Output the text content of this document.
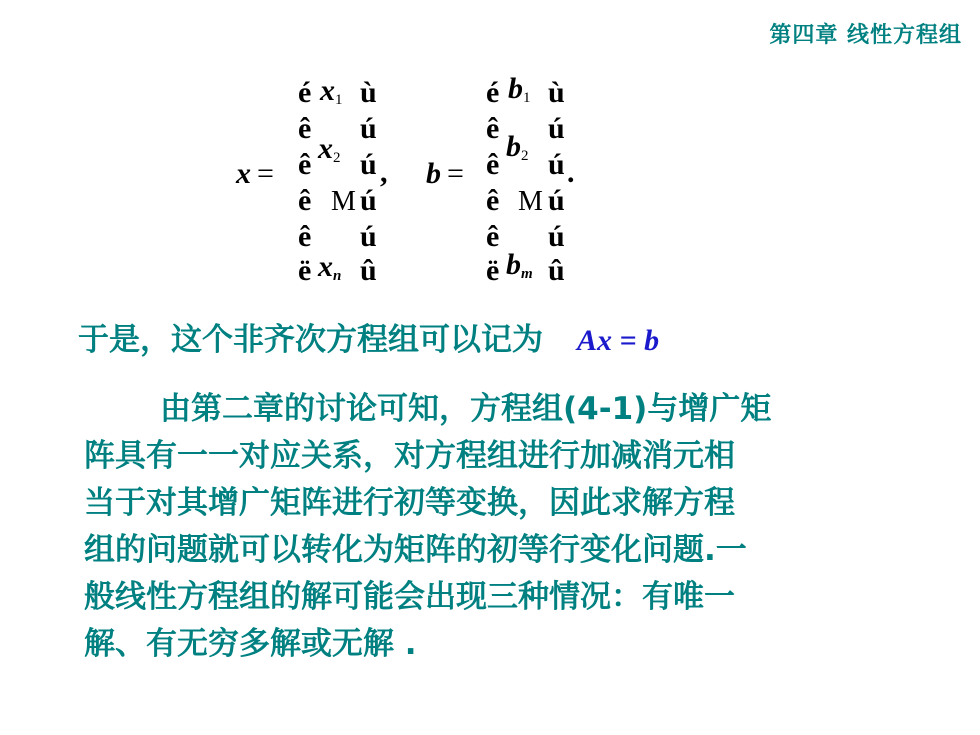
第四章 线性方程组
x =
é
ê
ê
ê
ê
ë
ù
ú
ú
ú
ú
û
$x_1$
$x_2$
M
$x_n$
, b =
é
ê
ê
ê
ê
ë
ù
ú
ú
ú
ú
û
$b_1$
$b_2$
M
$b_m$
.
于是，这个非齐次方程组可以记为 Ax = b
由第二章的讨论可知，方程组(4-1)与增广矩
阵具有一一对应关系，对方程组进行加减消元相
当于对其增广矩阵进行初等变换，因此求解方程
组的问题就可以转化为矩阵的初等行变化问题.一
般线性方程组的解可能会出现三种情况：有唯一
解、有无穷多解或无解 .
